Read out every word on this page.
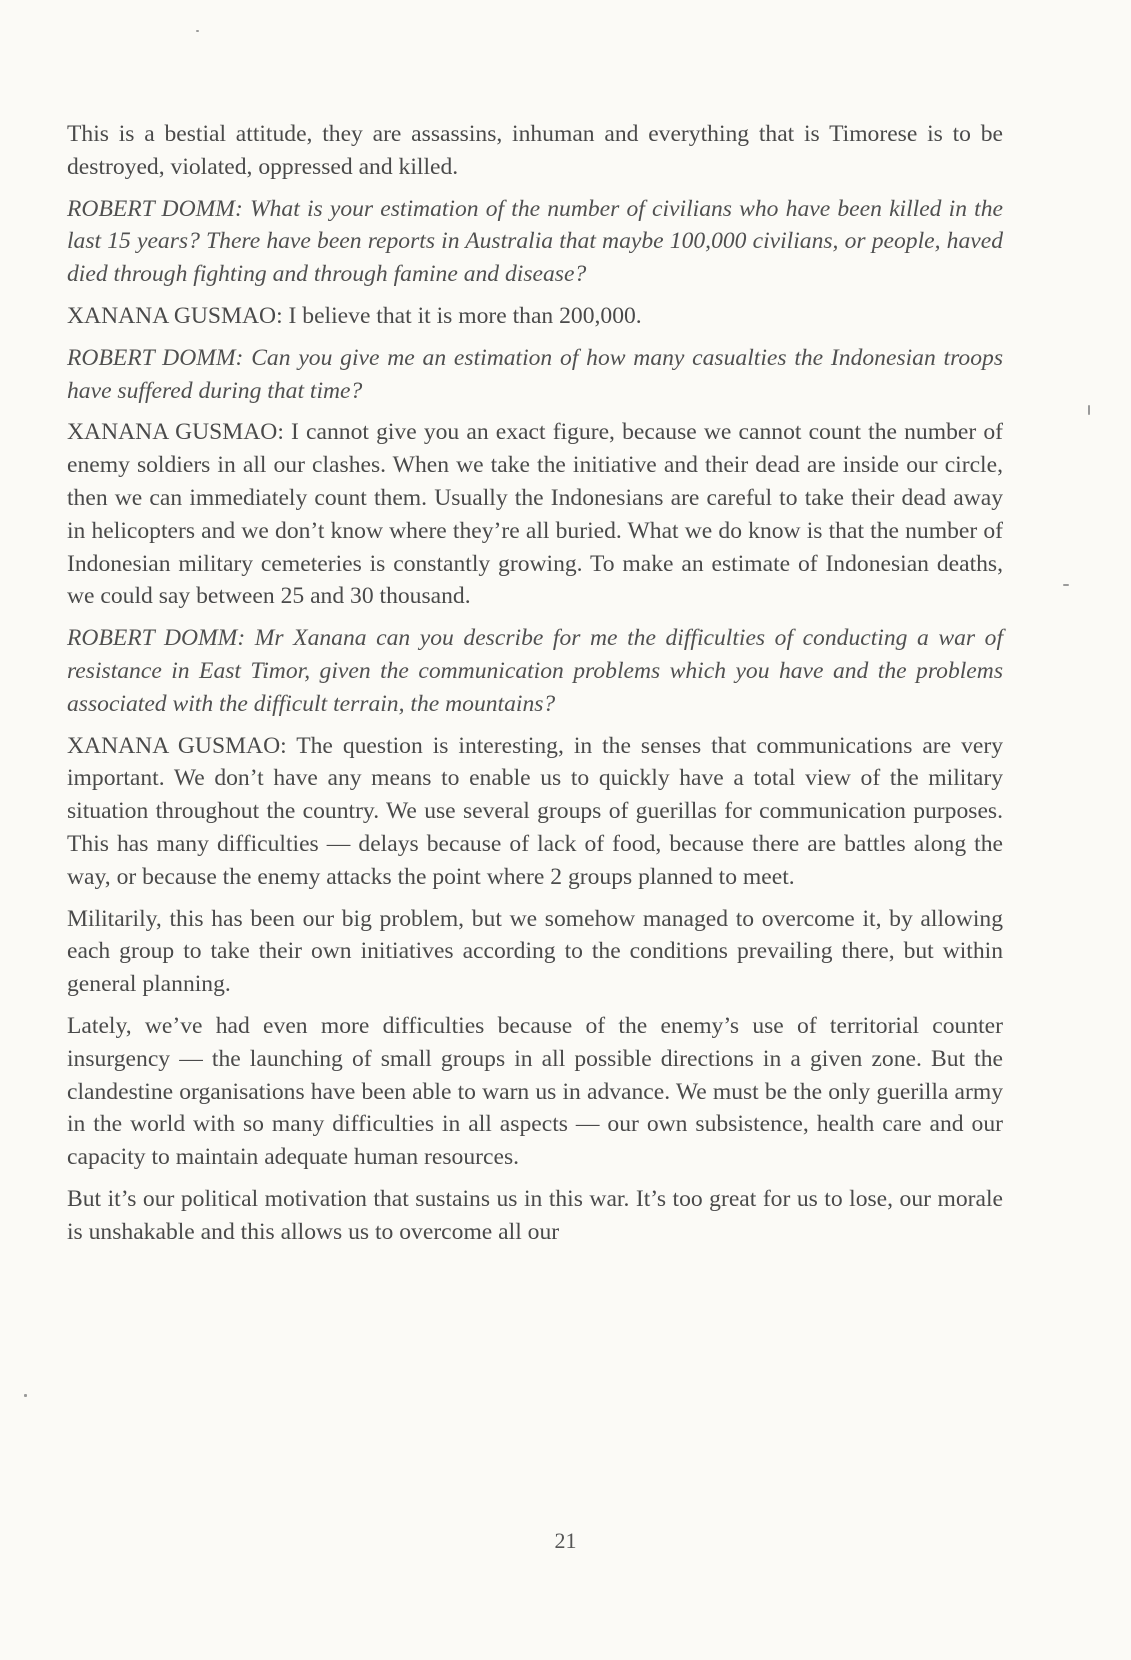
This is a bestial attitude, they are assassins, inhuman and everything that is Timorese is to be destroyed, violated, oppressed and killed.

ROBERT DOMM: What is your estimation of the number of civilians who have been killed in the last 15 years? There have been reports in Australia that maybe 100,000 civilians, or people, haved died through fighting and through famine and disease?

XANANA GUSMAO: I believe that it is more than 200,000.

ROBERT DOMM: Can you give me an estimation of how many casualties the Indonesian troops have suffered during that time?

XANANA GUSMAO: I cannot give you an exact figure, because we cannot count the number of enemy soldiers in all our clashes. When we take the initiative and their dead are inside our circle, then we can immediately count them. Usually the Indonesians are careful to take their dead away in helicopters and we don’t know where they’re all buried. What we do know is that the number of Indonesian military cemeteries is constantly growing. To make an estimate of Indonesian deaths, we could say between 25 and 30 thousand.

ROBERT DOMM: Mr Xanana can you describe for me the difficulties of conducting a war of resistance in East Timor, given the communication problems which you have and the problems associated with the difficult terrain, the mountains?

XANANA GUSMAO: The question is interesting, in the senses that communications are very important. We don’t have any means to enable us to quickly have a total view of the military situation throughout the country. We use several groups of guerillas for communication purposes. This has many difficulties — delays because of lack of food, because there are battles along the way, or because the enemy attacks the point where 2 groups planned to meet.

Militarily, this has been our big problem, but we somehow managed to overcome it, by allowing each group to take their own initiatives according to the conditions prevailing there, but within general planning.

Lately, we’ve had even more difficulties because of the enemy’s use of territorial counter insurgency — the launching of small groups in all possible directions in a given zone. But the clandestine organisations have been able to warn us in advance. We must be the only guerilla army in the world with so many difficulties in all aspects — our own subsistence, health care and our capacity to maintain adequate human resources.

But it’s our political motivation that sustains us in this war. It’s too great for us to lose, our morale is unshakable and this allows us to overcome all our

21
